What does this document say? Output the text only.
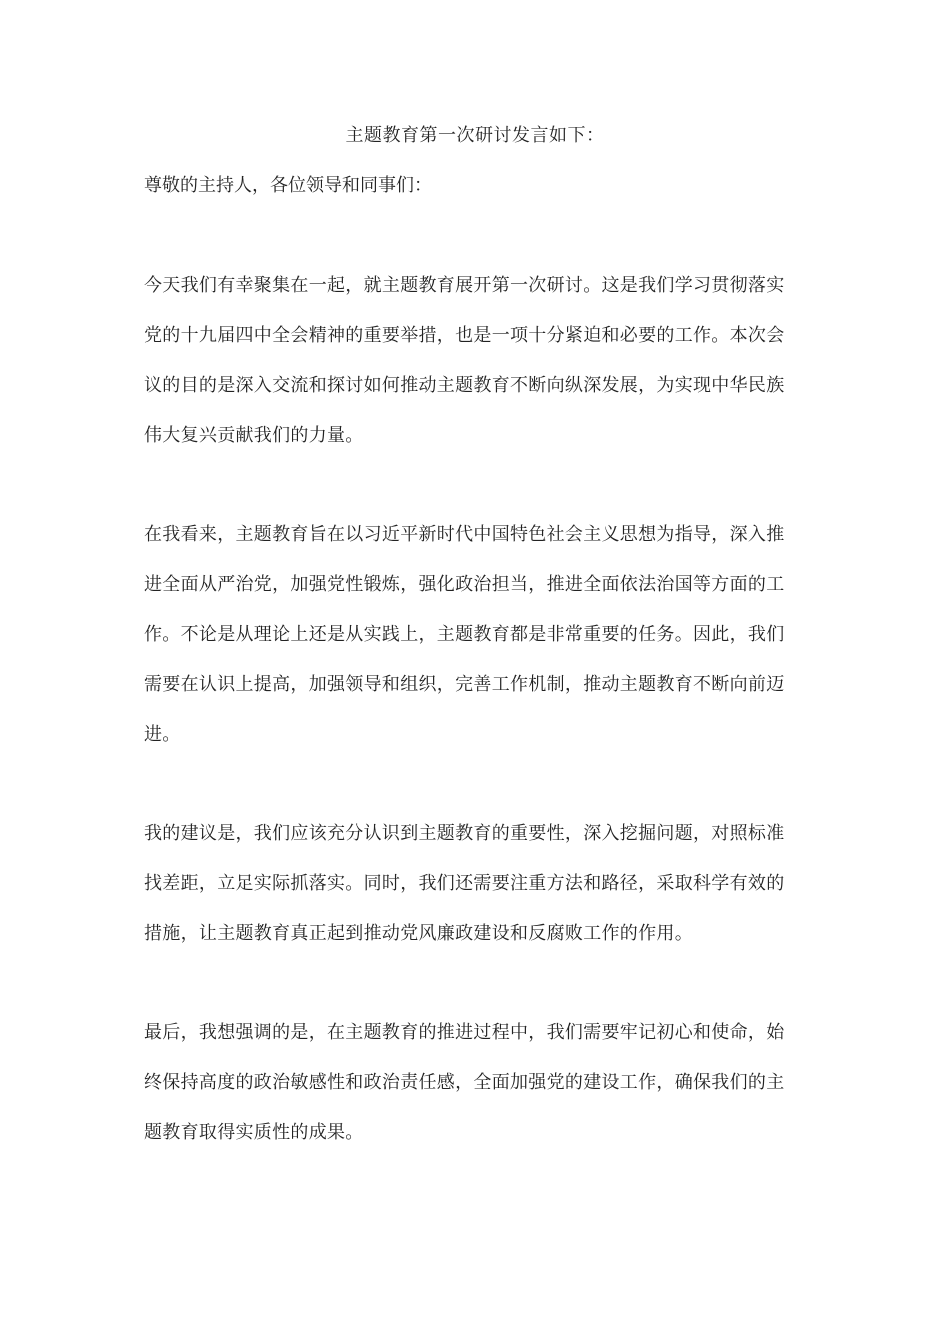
主题教育第一次研讨发言如下：
尊敬的主持人，各位领导和同事们：
今天我们有幸聚集在一起，就主题教育展开第一次研讨。这是我们学习贯彻落实
党的十九届四中全会精神的重要举措，也是一项十分紧迫和必要的工作。本次会
议的目的是深入交流和探讨如何推动主题教育不断向纵深发展，为实现中华民族
伟大复兴贡献我们的力量。
在我看来，主题教育旨在以习近平新时代中国特色社会主义思想为指导，深入推
进全面从严治党，加强党性锻炼，强化政治担当，推进全面依法治国等方面的工
作。不论是从理论上还是从实践上，主题教育都是非常重要的任务。因此，我们
需要在认识上提高，加强领导和组织，完善工作机制，推动主题教育不断向前迈
进。
我的建议是，我们应该充分认识到主题教育的重要性，深入挖掘问题，对照标准
找差距，立足实际抓落实。同时，我们还需要注重方法和路径，采取科学有效的
措施，让主题教育真正起到推动党风廉政建设和反腐败工作的作用。
最后，我想强调的是，在主题教育的推进过程中，我们需要牢记初心和使命，始
终保持高度的政治敏感性和政治责任感，全面加强党的建设工作，确保我们的主
题教育取得实质性的成果。
